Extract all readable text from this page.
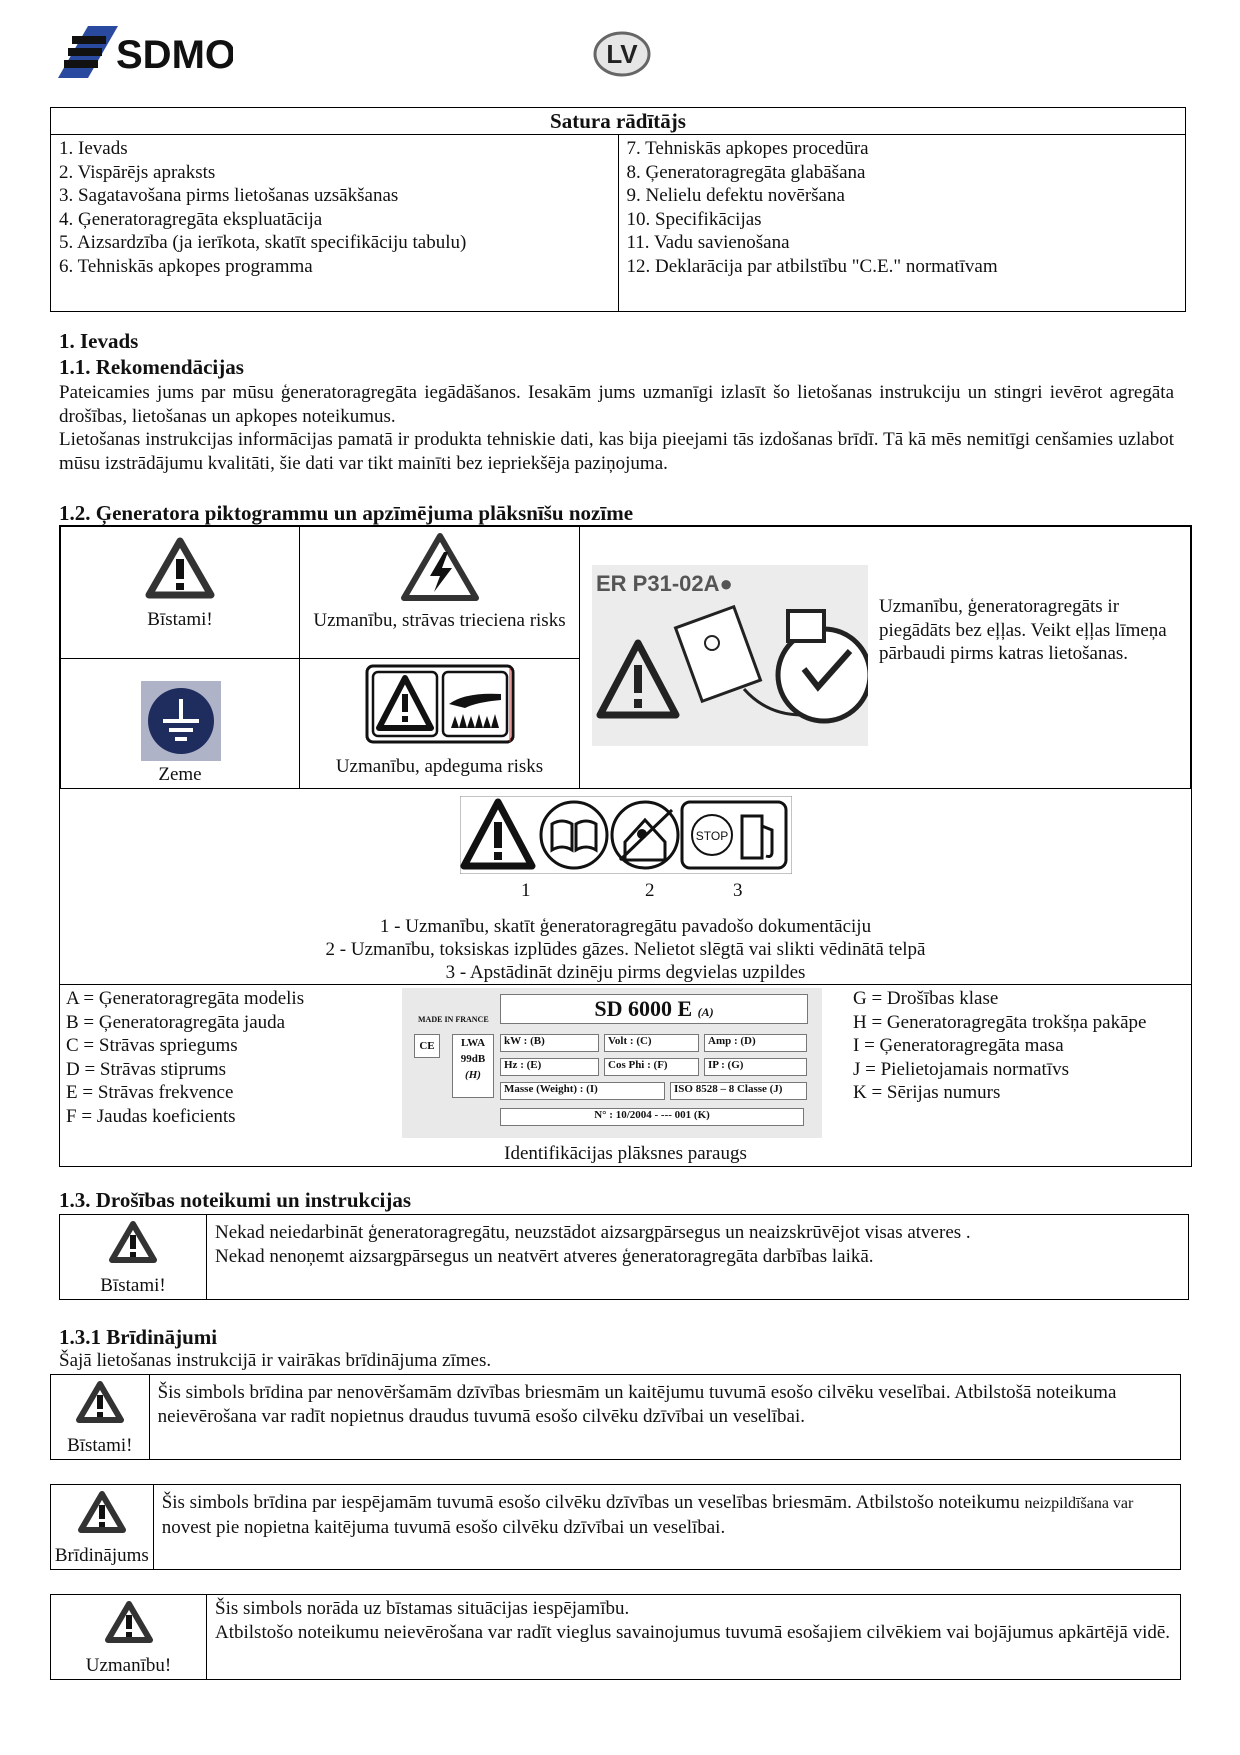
SDMO	LV
Satura rādītājs
1. Ievads
2. Vispārējs apraksts
3. Sagatavošana pirms lietošanas uzsākšanas
4. Ģeneratoragregāta ekspluatācija
5. Aizsardzība (ja ierīkota, skatīt specifikāciju tabulu)
6. Tehniskās apkopes programma
7. Tehniskās apkopes procedūra
8. Ģeneratoragregāta glabāšana
9. Nelielu defektu novēršana
10. Specifikācijas
11. Vadu savienošana
12. Deklarācija par atbilstību "C.E." normatīvam
1. Ievads
1.1. Rekomendācijas
Pateicamies jums par mūsu ģeneratoragregāta iegādāšanos. Iesakām jums uzmanīgi izlasīt šo lietošanas instrukciju un stingri ievērot agregāta drošības, lietošanas un apkopes noteikumus.
Lietošanas instrukcijas informācijas pamatā ir produkta tehniskie dati, kas bija pieejami tās izdošanas brīdī. Tā kā mēs nemitīgi cenšamies uzlabot mūsu izstrādājumu kvalitāti, šie dati var tikt mainīti bez iepriekšēja paziņojuma.
1.2. Ģeneratora piktogrammu un apzīmējuma plāksnīšu nozīme
Bīstami!	Uzmanību, strāvas trieciena risks
Zeme	Uzmanību, apdeguma risks
ER P31-02A●
Uzmanību, ģeneratoragregāts ir piegādāts bez eļļas. Veikt eļļas līmeņa pārbaudi pirms katras lietošanas.
STOP
1	2	3
1 - Uzmanību, skatīt ģeneratoragregātu pavadošo dokumentāciju
2 - Uzmanību, toksiskas izplūdes gāzes. Nelietot slēgtā vai slikti vēdinātā telpā
3 - Apstādināt dzinēju pirms degvielas uzpildes
A = Ģeneratoragregāta modelis
B = Ģeneratoragregāta jauda
C = Strāvas spriegums
D = Strāvas stiprums
E = Strāvas frekvence
F = Jaudas koeficients
MADE IN FRANCE	SD 6000 E (A)
CE	LWA
99dB
(H)
kW : (B)	Volt : (C)	Amp : (D)
Hz : (E)	Cos Phi : (F)	IP : (G)
Masse (Weight) : (I)	ISO 8528 – 8 Classe (J)
N° : 10/2004 - --- 001 (K)
G = Drošības klase
H = Generatoragregāta trokšņa pakāpe
I = Ģeneratoragregāta masa
J = Pielietojamais normatīvs
K = Sērijas numurs
Identifikācijas plāksnes paraugs
1.3. Drošības noteikumi un instrukcijas
Bīstami!
Nekad neiedarbināt ģeneratoragregātu, neuzstādot aizsargpārsegus un neaizskrūvējot visas atveres .
Nekad nenoņemt aizsargpārsegus un neatvērt atveres ģeneratoragregāta darbības laikā.
1.3.1 Brīdinājumi
Šajā lietošanas instrukcijā ir vairākas brīdinājuma zīmes.
Bīstami!
Šis simbols brīdina par nenovēršamām dzīvības briesmām un kaitējumu tuvumā esošo cilvēku veselībai. Atbilstošā noteikuma neievērošana var radīt nopietnus draudus tuvumā esošo cilvēku dzīvībai un veselībai.
Brīdinājums
Šis simbols brīdina par iespējamām tuvumā esošo cilvēku dzīvības un veselības briesmām. Atbilstošo noteikumu neizpildīšana var novest pie nopietna kaitējuma tuvumā esošo cilvēku dzīvībai un veselībai.
Uzmanību!
Šis simbols norāda uz bīstamas situācijas iespējamību.
Atbilstošo noteikumu neievērošana var radīt vieglus savainojumus tuvumā esošajiem cilvēkiem vai bojājumus apkārtējā vidē.
